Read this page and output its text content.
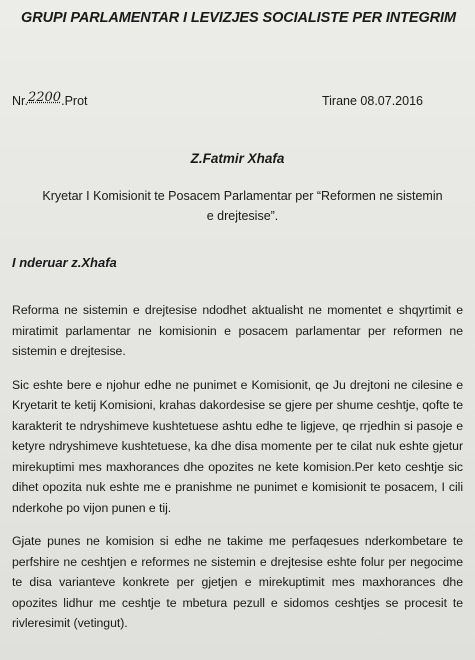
GRUPI PARLAMENTAR I LEVIZJES SOCIALISTE PER INTEGRIM
Nr.2200.Prot	Tirane 08.07.2016
Z.Fatmir Xhafa
Kryetar I Komisionit te Posacem Parlamentar per “Reformen ne sistemin e drejtesise”.
I nderuar z.Xhafa

Reforma ne sistemin e drejtesise ndodhet aktualisht ne momentet e shqyrtimit e miratimit parlamentar ne komisionin e posacem parlamentar per reformen ne sistemin e drejtesise.

Sic eshte bere e njohur edhe ne punimet e Komisionit, qe Ju drejtoni ne cilesine e Kryetarit te ketij Komisioni, krahas dakordesise se gjere per shume ceshtje, qofte te karakterit te ndryshimeve kushtetuese ashtu edhe te ligjeve, qe rrjedhin si pasoje e ketyre ndryshimeve kushtetuese, ka dhe disa momente per te cilat nuk eshte gjetur mirekuptimi mes maxhorances dhe opozites ne kete komision.Per keto ceshtje sic dihet opozita nuk eshte me e pranishme ne punimet e komisionit te posacem, I cili nderkohe po vijon punen e tij.

Gjate punes ne komision si edhe ne takime me perfaqesues nderkombetare te perfshire ne ceshtjen e reformes ne sistemin e drejtesise eshte folur per negocime te disa varianteve konkrete per gjetjen e mirekuptimit mes maxhorances dhe opozites lidhur me ceshtje te mbetura pezull e sidomos ceshtjes se procesit te rivleresimit (vetingut).
